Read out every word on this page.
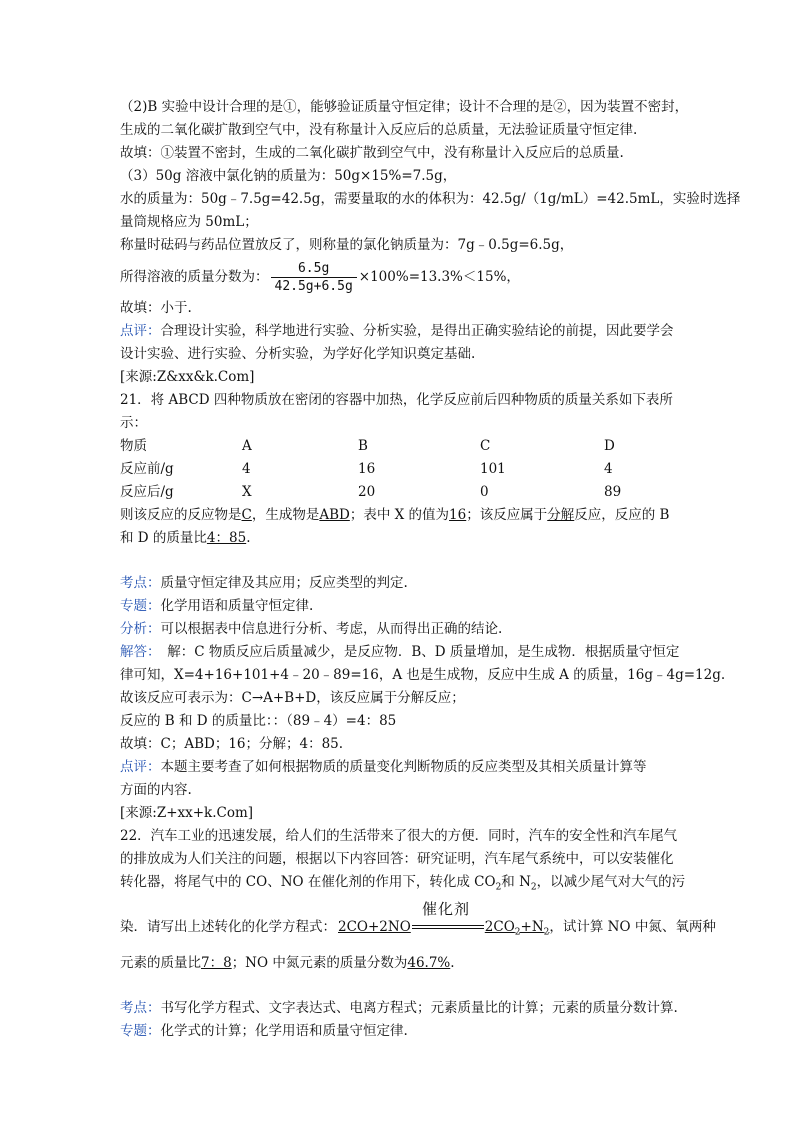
（2)B 实验中设计合理的是①，能够验证质量守恒定律；设计不合理的是②，因为装置不密封，
生成的二氧化碳扩散到空气中，没有称量计入反应后的总质量，无法验证质量守恒定律.
故填：①装置不密封，生成的二氧化碳扩散到空气中，没有称量计入反应后的总质量.
（3）50g 溶液中氯化钠的质量为：50g×15%=7.5g，
水的质量为：50g﹣7.5g=42.5g，需要量取的水的体积为：42.5g/（1g/mL）=42.5mL，实验时选择
量筒规格应为 50mL；
称量时砝码与药品位置放反了，则称量的氯化钠质量为：7g﹣0.5g=6.5g，
所得溶液的质量分数为： $\frac{6.5g}{42.5g+6.5g} \times 100\%=13.3\%<15\%$，
故填：小于.
点评：合理设计实验，科学地进行实验、分析实验，是得出正确实验结论的前提，因此要学会
设计实验、进行实验、分析实验，为学好化学知识奠定基础.
[来源:Z&xx&k.Com]
21．将 ABCD 四种物质放在密闭的容器中加热，化学反应前后四种物质的质量关系如下表所
示：
物质	A	B	C	D
反应前/g	4	16	101	4
反应后/g	X	20	0	89
则该反应的反应物是C，生成物是ABD；表中 X 的值为16；该反应属于分解反应，反应的 B
和 D 的质量比4：85.
考点：质量守恒定律及其应用；反应类型的判定.
专题：化学用语和质量守恒定律.
分析：可以根据表中信息进行分析、考虑，从而得出正确的结论.
解答：　解：C 物质反应后质量减少，是反应物．B、D 质量增加，是生成物．根据质量守恒定
律可知，X=4+16+101+4﹣20﹣89=16，A 也是生成物，反应中生成 A 的质量，16g﹣4g=12g.
故该反应可表示为：C→A+B+D，该反应属于分解反应；
反应的 B 和 D 的质量比：：（89﹣4）=4：85
故填：C；ABD；16；分解；4：85.
点评：本题主要考查了如何根据物质的质量变化判断物质的反应类型及其相关质量计算等
方面的内容.
[来源:Z+xx+k.Com]
22．汽车工业的迅速发展，给人们的生活带来了很大的方便．同时，汽车的安全性和汽车尾气
的排放成为人们关注的问题，根据以下内容回答：研究证明，汽车尾气系统中，可以安装催化
转化器，将尾气中的 CO、NO 在催化剂的作用下，转化成 $CO_2$和 $N_2$，以减少尾气对大气的污
染．请写出上述转化的化学方程式：
催化剂
2CO+2NO	$2CO_2+N_2$，试计算 NO 中氮、氧两种
元素的质量比7：8；NO 中氮元素的质量分数为46.7%.
考点：书写化学方程式、文字表达式、电离方程式；元素质量比的计算；元素的质量分数计算.
专题：化学式的计算；化学用语和质量守恒定律.
